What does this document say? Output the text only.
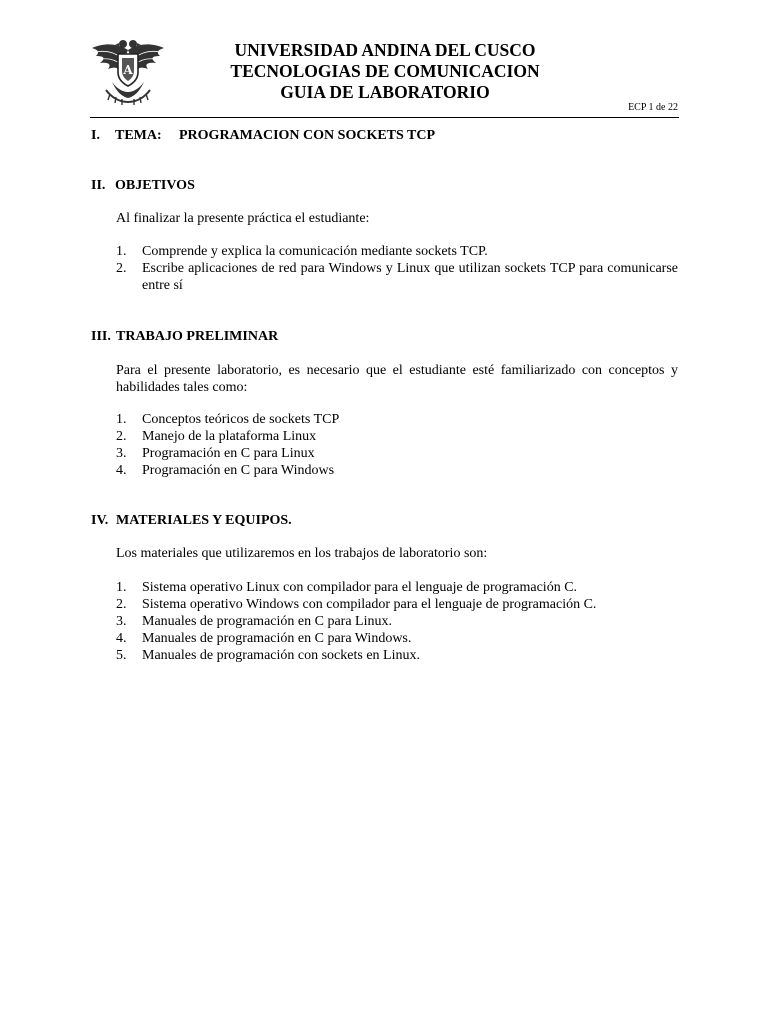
A
UNIVERSIDAD ANDINA DEL CUSCO
TECNOLOGIAS DE COMUNICACION
GUIA DE LABORATORIO
ECP 1 de 22
I. TEMA: PROGRAMACION CON SOCKETS TCP
II. OBJETIVOS
Al finalizar la presente práctica el estudiante:
1.	Comprende y explica la comunicación mediante sockets TCP.
2.	Escribe aplicaciones de red para Windows y Linux que utilizan sockets TCP para comunicarse entre sí
III. TRABAJO PRELIMINAR
Para el presente laboratorio, es necesario que el estudiante esté familiarizado con conceptos y habilidades tales como:
1.	Conceptos teóricos de sockets TCP
2.	Manejo de la plataforma Linux
3.	Programación en C para Linux
4.	Programación en C para Windows
IV. MATERIALES Y EQUIPOS.
Los materiales que utilizaremos en los trabajos de laboratorio son:
1.	Sistema operativo Linux con compilador para el lenguaje de programación C.
2.	Sistema operativo Windows con compilador para el lenguaje de programación C.
3.	Manuales de programación en C para Linux.
4.	Manuales de programación en C para Windows.
5.	Manuales de programación con sockets en Linux.
